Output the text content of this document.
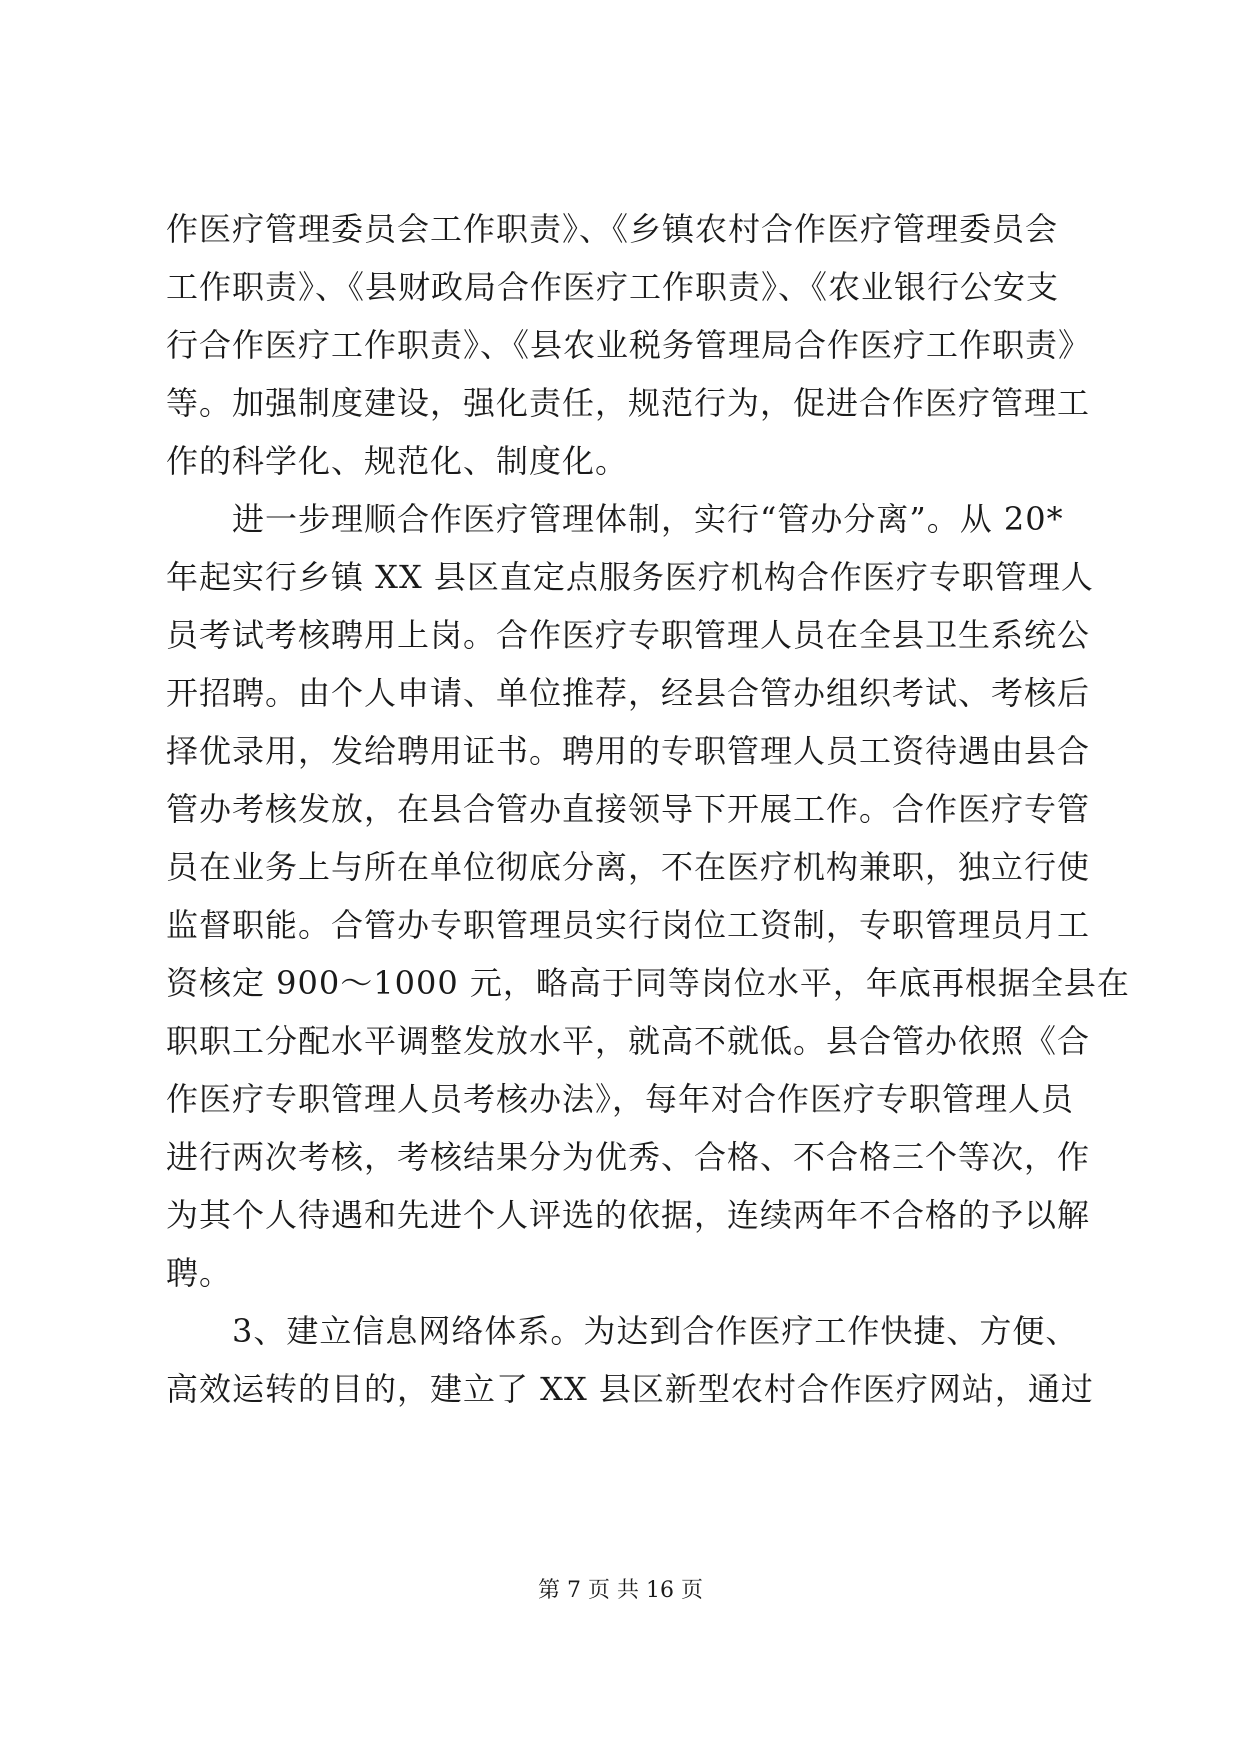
作医疗管理委员会工作职责》、《乡镇农村合作医疗管理委员会
工作职责》、《县财政局合作医疗工作职责》、《农业银行公安支
行合作医疗工作职责》、《县农业税务管理局合作医疗工作职责》
等。加强制度建设，强化责任，规范行为，促进合作医疗管理工
作的科学化、规范化、制度化。
进一步理顺合作医疗管理体制，实行“管办分离”。从 20*
年起实行乡镇 XX 县区直定点服务医疗机构合作医疗专职管理人
员考试考核聘用上岗。合作医疗专职管理人员在全县卫生系统公
开招聘。由个人申请、单位推荐，经县合管办组织考试、考核后
择优录用，发给聘用证书。聘用的专职管理人员工资待遇由县合
管办考核发放，在县合管办直接领导下开展工作。合作医疗专管
员在业务上与所在单位彻底分离，不在医疗机构兼职，独立行使
监督职能。合管办专职管理员实行岗位工资制，专职管理员月工
资核定 900～1000 元，略高于同等岗位水平，年底再根据全县在
职职工分配水平调整发放水平，就高不就低。县合管办依照《合
作医疗专职管理人员考核办法》，每年对合作医疗专职管理人员
进行两次考核，考核结果分为优秀、合格、不合格三个等次，作
为其个人待遇和先进个人评选的依据，连续两年不合格的予以解
聘。
3、建立信息网络体系。为达到合作医疗工作快捷、方便、
高效运转的目的，建立了 XX 县区新型农村合作医疗网站，通过
第 7 页 共 16 页
